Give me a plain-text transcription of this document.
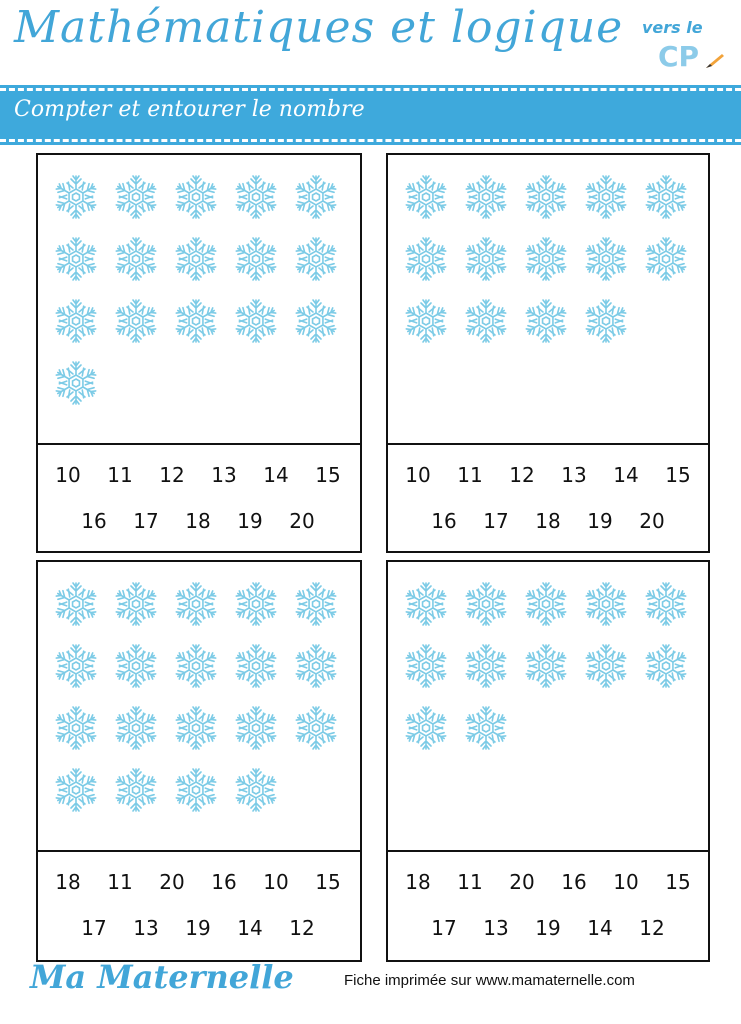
Mathématiques et logique vers le
CP
Compter et entourer le nombre
10 11 12 13 14 15
16 17 18 19 20
10 11 12 13 14 15
16 17 18 19 20
18 11 20 16 10 15
17 13 19 14 12
18 11 20 16 10 15
17 13 19 14 12
Ma Maternelle	Fiche imprimée sur www.mamaternelle.com
